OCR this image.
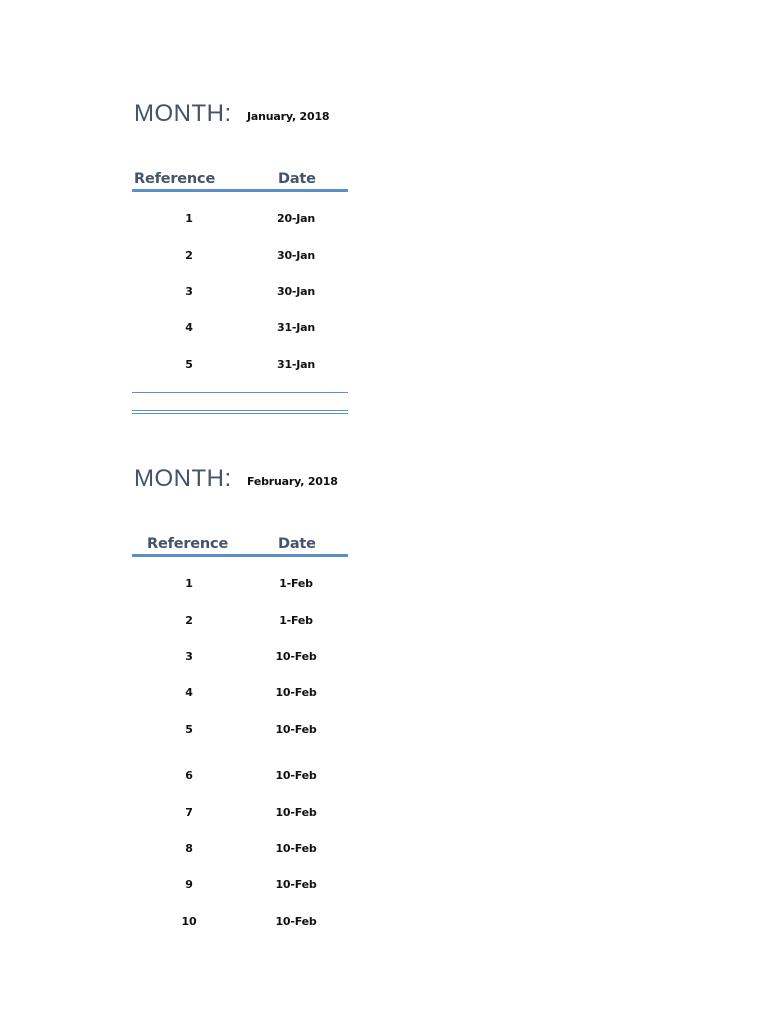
MONTH: January, 2018
Reference	Date
1	20-Jan
2	30-Jan
3	30-Jan
4	31-Jan
5	31-Jan
MONTH: February, 2018
Reference	Date
1	1-Feb
2	1-Feb
3	10-Feb
4	10-Feb
5	10-Feb
6	10-Feb
7	10-Feb
8	10-Feb
9	10-Feb
10	10-Feb
